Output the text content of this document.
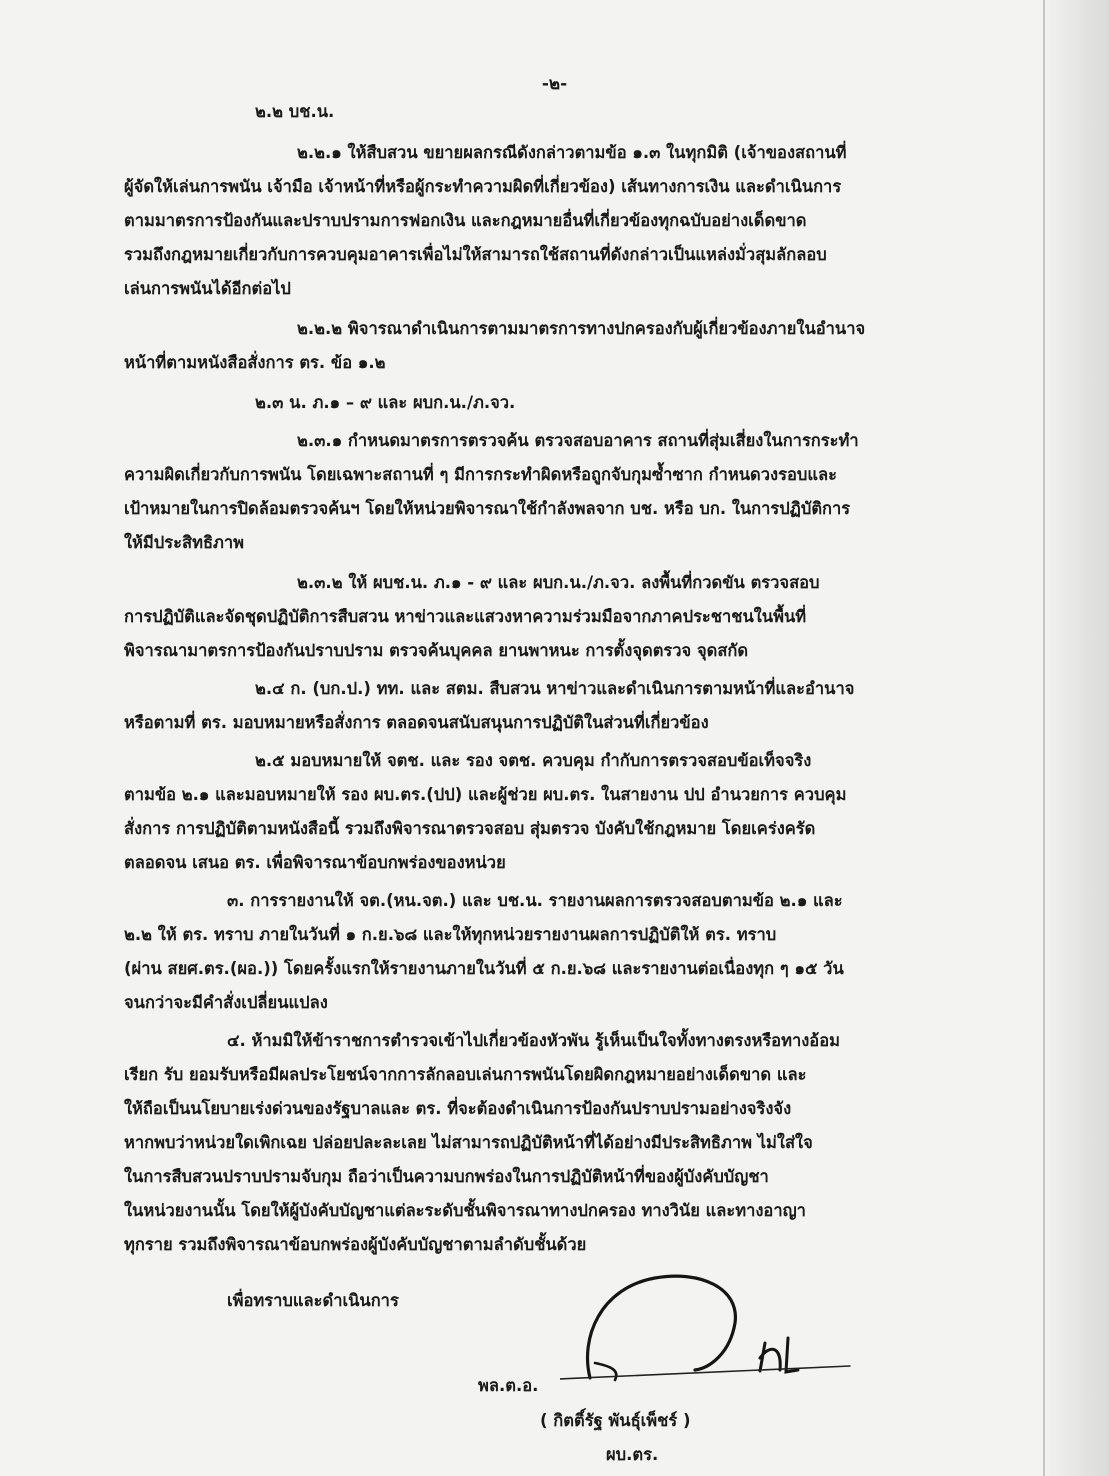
-๒-
๒.๒ บช.น.
๒.๒.๑ ให้สืบสวน ขยายผลกรณีดังกล่าวตามข้อ ๑.๓ ในทุกมิติ (เจ้าของสถานที่
ผู้จัดให้เล่นการพนัน เจ้ามือ เจ้าหน้าที่หรือผู้กระทำความผิดที่เกี่ยวข้อง) เส้นทางการเงิน และดำเนินการ
ตามมาตรการป้องกันและปราบปรามการฟอกเงิน และกฎหมายอื่นที่เกี่ยวข้องทุกฉบับอย่างเด็ดขาด
รวมถึงกฎหมายเกี่ยวกับการควบคุมอาคารเพื่อไม่ให้สามารถใช้สถานที่ดังกล่าวเป็นแหล่งมั่วสุมลักลอบ
เล่นการพนันได้อีกต่อไป
๒.๒.๒ พิจารณาดำเนินการตามมาตรการทางปกครองกับผู้เกี่ยวข้องภายในอำนาจ
หน้าที่ตามหนังสือสั่งการ ตร. ข้อ ๑.๒
๒.๓ น. ภ.๑ – ๙ และ ผบก.น./ภ.จว.
๒.๓.๑ กำหนดมาตรการตรวจค้น ตรวจสอบอาคาร สถานที่สุ่มเสี่ยงในการกระทำ
ความผิดเกี่ยวกับการพนัน โดยเฉพาะสถานที่ ๆ มีการกระทำผิดหรือถูกจับกุมซ้ำซาก กำหนดวงรอบและ
เป้าหมายในการปิดล้อมตรวจค้นฯ โดยให้หน่วยพิจารณาใช้กำลังพลจาก บช. หรือ บก. ในการปฏิบัติการ
ให้มีประสิทธิภาพ
๒.๓.๒ ให้ ผบช.น. ภ.๑ - ๙ และ ผบก.น./ภ.จว. ลงพื้นที่กวดขัน ตรวจสอบ
การปฏิบัติและจัดชุดปฏิบัติการสืบสวน หาข่าวและแสวงหาความร่วมมือจากภาคประชาชนในพื้นที่
พิจารณามาตรการป้องกันปราบปราม ตรวจค้นบุคคล ยานพาหนะ การตั้งจุดตรวจ จุดสกัด
๒.๔ ก. (บก.ป.) ทท. และ สตม. สืบสวน หาข่าวและดำเนินการตามหน้าที่และอำนาจ
หรือตามที่ ตร. มอบหมายหรือสั่งการ ตลอดจนสนับสนุนการปฏิบัติในส่วนที่เกี่ยวข้อง
๒.๕ มอบหมายให้ จตช. และ รอง จตช. ควบคุม กำกับการตรวจสอบข้อเท็จจริง
ตามข้อ ๒.๑ และมอบหมายให้ รอง ผบ.ตร.(ปป) และผู้ช่วย ผบ.ตร. ในสายงาน ปป อำนวยการ ควบคุม
สั่งการ การปฏิบัติตามหนังสือนี้ รวมถึงพิจารณาตรวจสอบ สุ่มตรวจ บังคับใช้กฎหมาย โดยเคร่งครัด
ตลอดจน เสนอ ตร. เพื่อพิจารณาข้อบกพร่องของหน่วย
๓. การรายงานให้ จต.(หน.จต.) และ บช.น. รายงานผลการตรวจสอบตามข้อ ๒.๑ และ
๒.๒ ให้ ตร. ทราบ ภายในวันที่ ๑ ก.ย.๖๘ และให้ทุกหน่วยรายงานผลการปฏิบัติให้ ตร. ทราบ
(ผ่าน สยศ.ตร.(ผอ.)) โดยครั้งแรกให้รายงานภายในวันที่ ๕ ก.ย.๖๘ และรายงานต่อเนื่องทุก ๆ ๑๕ วัน
จนกว่าจะมีคำสั่งเปลี่ยนแปลง
๔. ห้ามมิให้ข้าราชการตำรวจเข้าไปเกี่ยวข้องหัวพัน รู้เห็นเป็นใจทั้งทางตรงหรือทางอ้อม
เรียก รับ ยอมรับหรือมีผลประโยชน์จากการลักลอบเล่นการพนันโดยผิดกฎหมายอย่างเด็ดขาด และ
ให้ถือเป็นนโยบายเร่งด่วนของรัฐบาลและ ตร. ที่จะต้องดำเนินการป้องกันปราบปรามอย่างจริงจัง
หากพบว่าหน่วยใดเพิกเฉย ปล่อยปละละเลย ไม่สามารถปฏิบัติหน้าที่ได้อย่างมีประสิทธิภาพ ไม่ใส่ใจ
ในการสืบสวนปราบปรามจับกุม ถือว่าเป็นความบกพร่องในการปฏิบัติหน้าที่ของผู้บังคับบัญชา
ในหน่วยงานนั้น โดยให้ผู้บังคับบัญชาแต่ละระดับชั้นพิจารณาทางปกครอง ทางวินัย และทางอาญา
ทุกราย รวมถึงพิจารณาข้อบกพร่องผู้บังคับบัญชาตามลำดับชั้นด้วย
เพื่อทราบและดำเนินการ
พล.ต.อ.
( กิตติ์รัฐ พันธุ์เพ็ชร์ )
ผบ.ตร.
